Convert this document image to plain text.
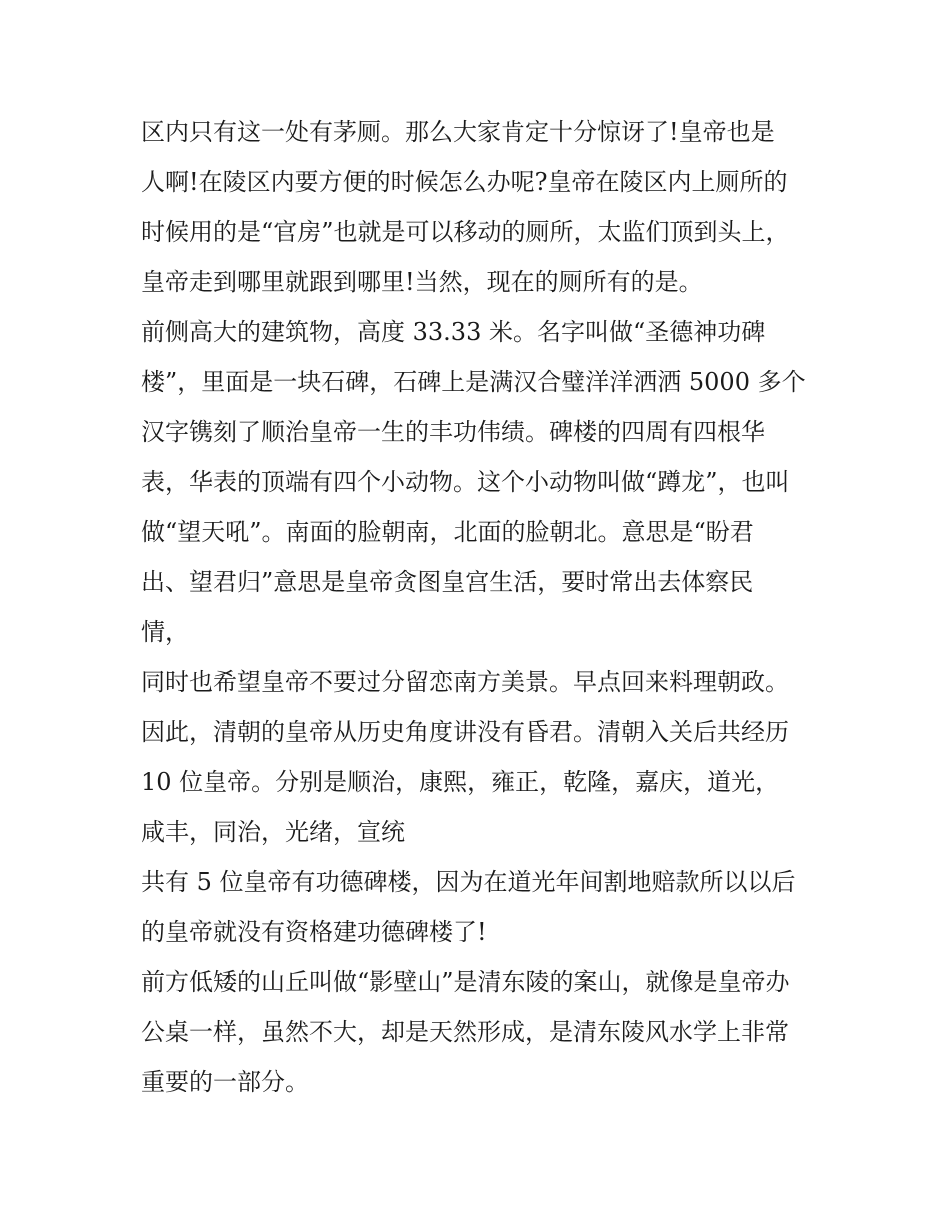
区内只有这一处有茅厕。那么大家肯定十分惊讶了!皇帝也是
人啊!在陵区内要方便的时候怎么办呢?皇帝在陵区内上厕所的
时候用的是“官房”也就是可以移动的厕所，太监们顶到头上，
皇帝走到哪里就跟到哪里!当然，现在的厕所有的是。
前侧高大的建筑物，高度 33.33 米。名字叫做“圣德神功碑
楼”，里面是一块石碑，石碑上是满汉合璧洋洋洒洒 5000 多个
汉字镌刻了顺治皇帝一生的丰功伟绩。碑楼的四周有四根华
表，华表的顶端有四个小动物。这个小动物叫做“蹲龙”，也叫
做“望天吼”。南面的脸朝南，北面的脸朝北。意思是“盼君
出、望君归”意思是皇帝贪图皇宫生活，要时常出去体察民
情，
同时也希望皇帝不要过分留恋南方美景。早点回来料理朝政。
因此，清朝的皇帝从历史角度讲没有昏君。清朝入关后共经历
10 位皇帝。分别是顺治，康熙，雍正，乾隆，嘉庆，道光，
咸丰，同治，光绪，宣统
共有 5 位皇帝有功德碑楼，因为在道光年间割地赔款所以以后
的皇帝就没有资格建功德碑楼了!
前方低矮的山丘叫做“影壁山”是清东陵的案山，就像是皇帝办
公桌一样，虽然不大，却是天然形成，是清东陵风水学上非常
重要的一部分。
